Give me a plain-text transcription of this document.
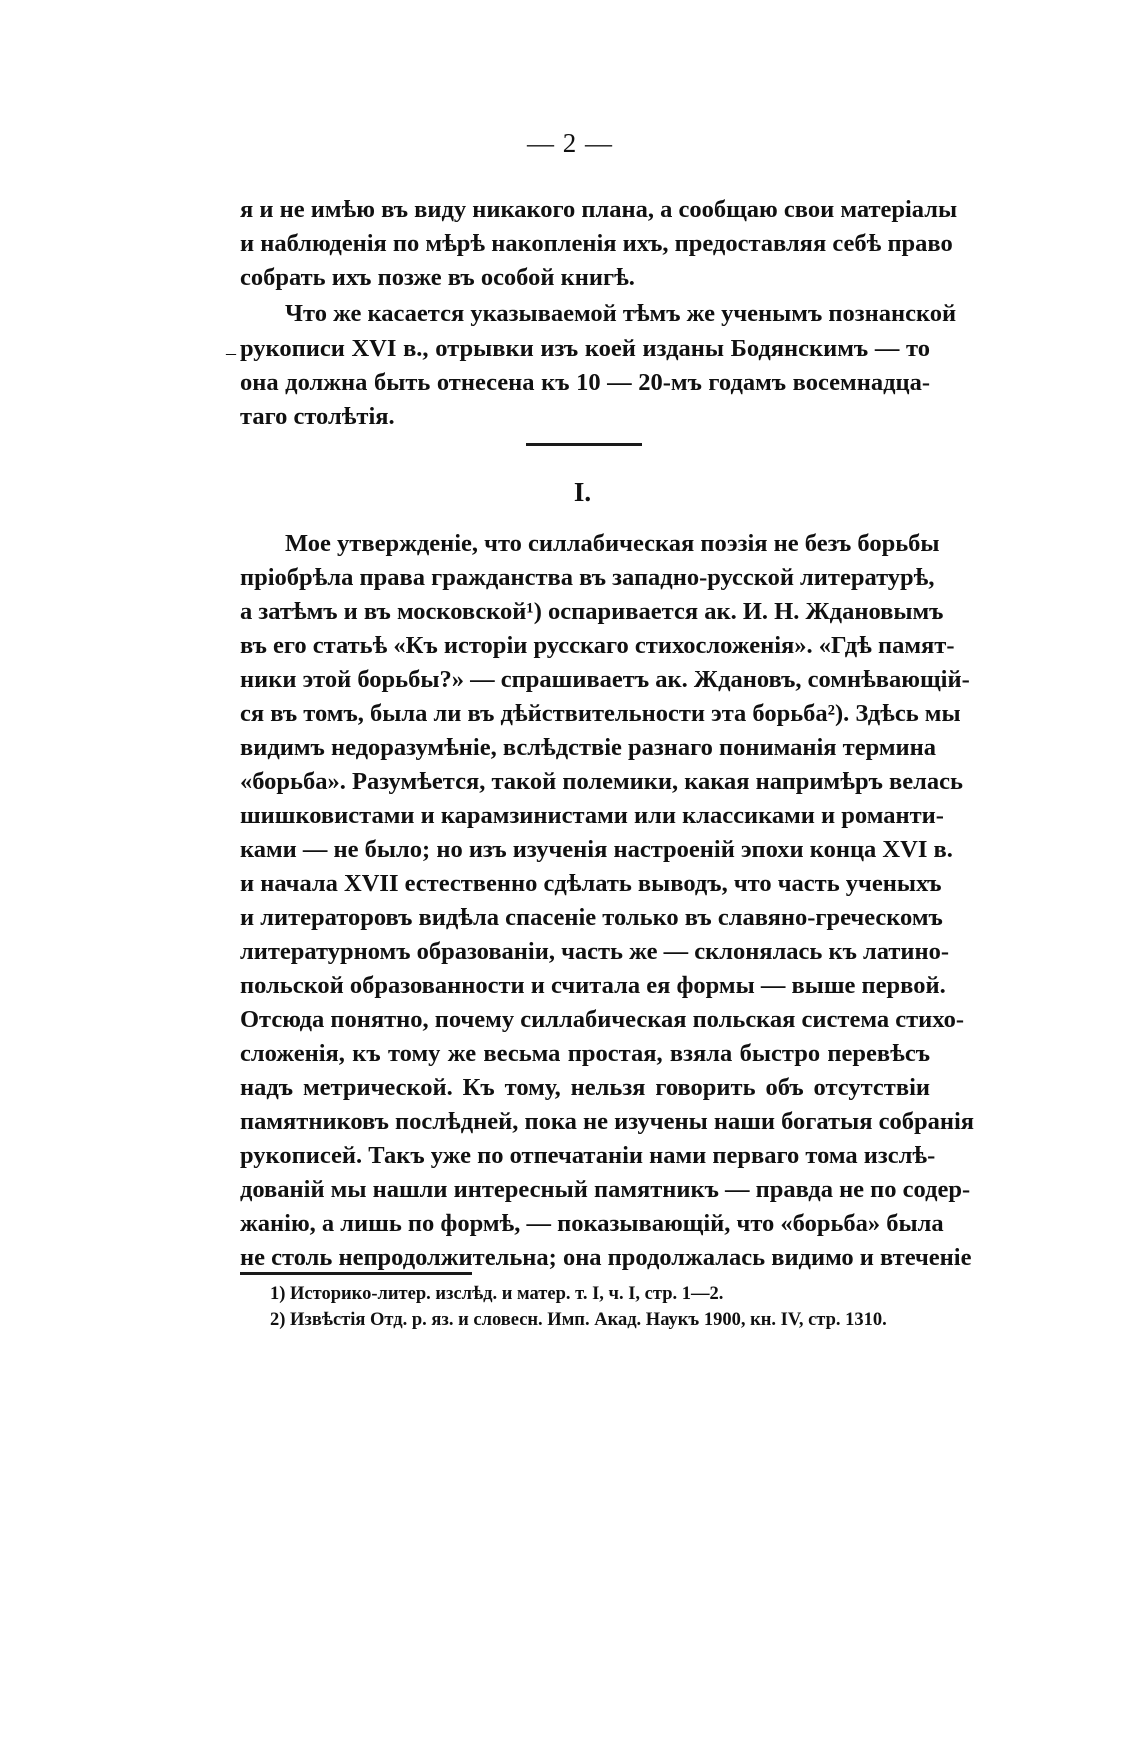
— 2 —
я и не имѣю въ виду никакого плана, а сообщаю свои матеріалы
и наблюденія по мѣрѣ накопленія ихъ, предоставляя себѣ право
собрать ихъ позже въ особой книгѣ.
Что же касается указываемой тѣмъ же ученымъ познанской
рукописи XVI в., отрывки изъ коей изданы Бодянскимъ — то
она должна быть отнесена къ 10 — 20-мъ годамъ восемнадца-
таго столѣтія.
–
I.
Мое утвержденіе, что силлабическая поэзія не безъ борьбы
пріобрѣла права гражданства въ западно-русской литературѣ,
а затѣмъ и въ московской¹) оспаривается ак. И. Н. Ждановымъ
въ его статьѣ «Къ исторіи русскаго стихосложенія». «Гдѣ памят-
ники этой борьбы?» — спрашиваетъ ак. Ждановъ, сомнѣвающій-
ся въ томъ, была ли въ дѣйствительности эта борьба²). Здѣсь мы
видимъ недоразумѣніе, вслѣдствіе разнаго пониманія термина
«борьба». Разумѣется, такой полемики, какая напримѣръ велась
шишковистами и карамзинистами или классиками и романти-
ками — не было; но изъ изученія настроеній эпохи конца XVI в.
и начала XVII естественно сдѣлать выводъ, что часть ученыхъ
и литераторовъ видѣла спасеніе только въ славяно-греческомъ
литературномъ образованіи, часть же — склонялась къ латино-
польской образованности и считала ея формы — выше первой.
Отсюда понятно, почему силлабическая польская система стихо-
сложенія, къ тому же весьма простая, взяла быстро перевѣсъ
надъ метрической. Къ тому, нельзя говорить объ отсутствіи
памятниковъ послѣдней, пока не изучены наши богатыя собранія
рукописей. Такъ уже по отпечатаніи нами перваго тома изслѣ-
дованій мы нашли интересный памятникъ — правда не по содер-
жанію, а лишь по формѣ, — показывающій, что «борьба» была
не столь непродолжительна; она продолжалась видимо и втеченіе
1) Историко-литер. изслѣд. и матер. т. I, ч. I, стр. 1—2.
2) Извѣстія Отд. р. яз. и словесн. Имп. Акад. Наукъ 1900, кн. IV, стр. 1310.
